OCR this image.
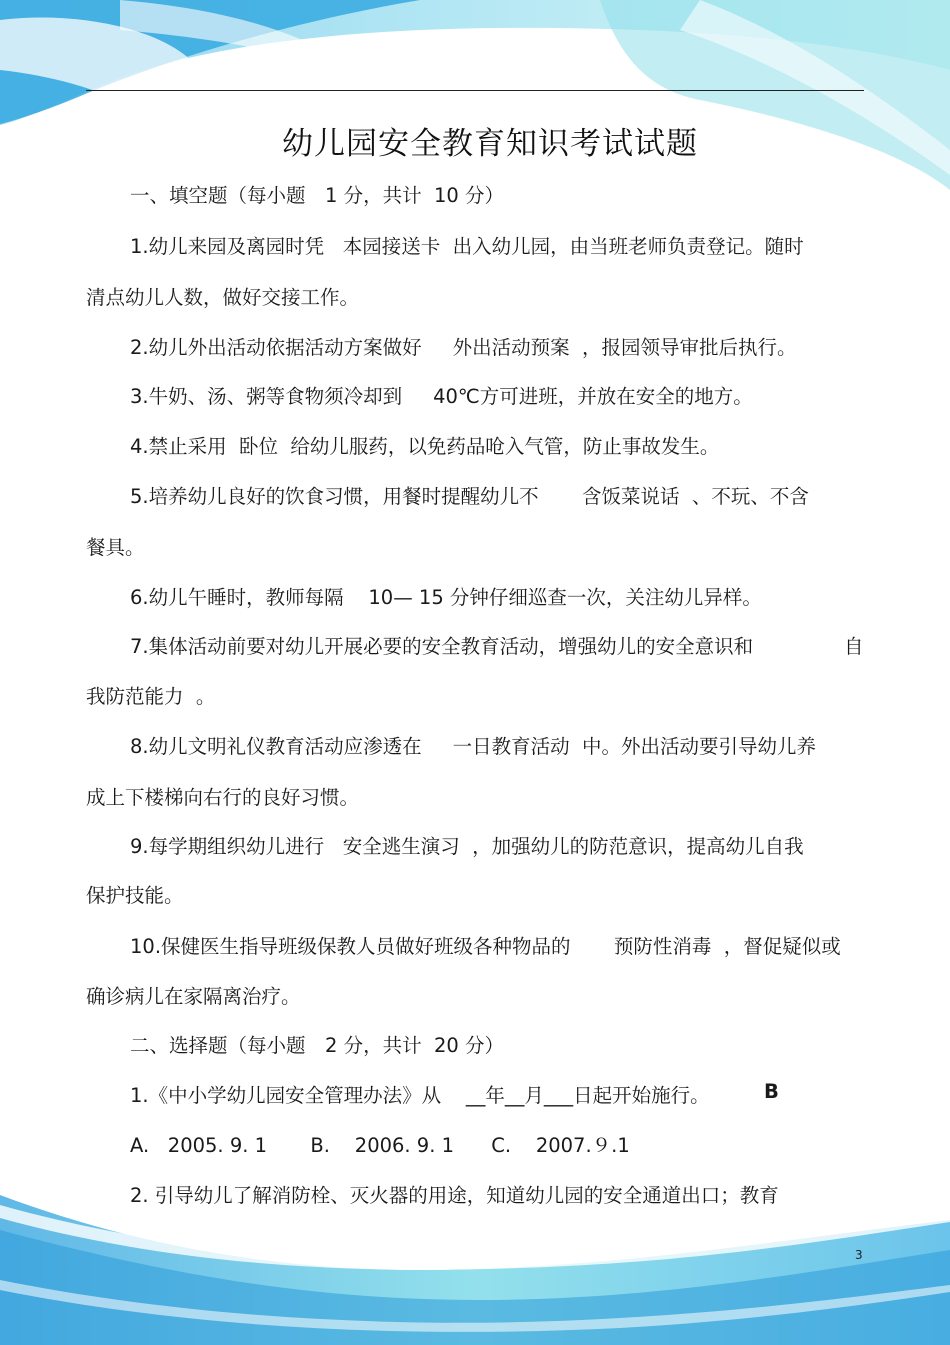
幼儿园安全教育知识考试试题
一、填空题（每小题　1 分，共计  10 分）
1.幼儿来园及离园时凭   本园接送卡  出入幼儿园，由当班老师负责登记。随时
清点幼儿人数，做好交接工作。
2.幼儿外出活动依据活动方案做好     外出活动预案  ，报园领导审批后执行。
3.牛奶、汤、粥等食物须冷却到     40℃方可进班，并放在安全的地方。
4.禁止采用  卧位  给幼儿服药，以免药品呛入气管，防止事故发生。
5.培养幼儿良好的饮食习惯，用餐时提醒幼儿不       含饭菜说话  、不玩、不含
餐具。
6.幼儿午睡时，教师每隔    10— 15 分钟仔细巡查一次，关注幼儿异样。
7.集体活动前要对幼儿开展必要的安全教育活动，增强幼儿的安全意识和	自
我防范能力  。
8.幼儿文明礼仪教育活动应渗透在     一日教育活动  中。外出活动要引导幼儿养
成上下楼梯向右行的良好习惯。
9.每学期组织幼儿进行   安全逃生演习  ，加强幼儿的防范意识，提高幼儿自我
保护技能。
10.保健医生指导班级保教人员做好班级各种物品的       预防性消毒  ，督促疑似或
确诊病儿在家隔离治疗。
二、选择题（每小题　2 分，共计  20 分）
1.《中小学幼儿园安全管理办法》从    __年__月___日起开始施行。	B
A.   2005. 9. 1       B.    2006. 9. 1      C.    2007.９.1
2. 引导幼儿了解消防栓、灭火器的用途，知道幼儿园的安全通道出口；教育
3
